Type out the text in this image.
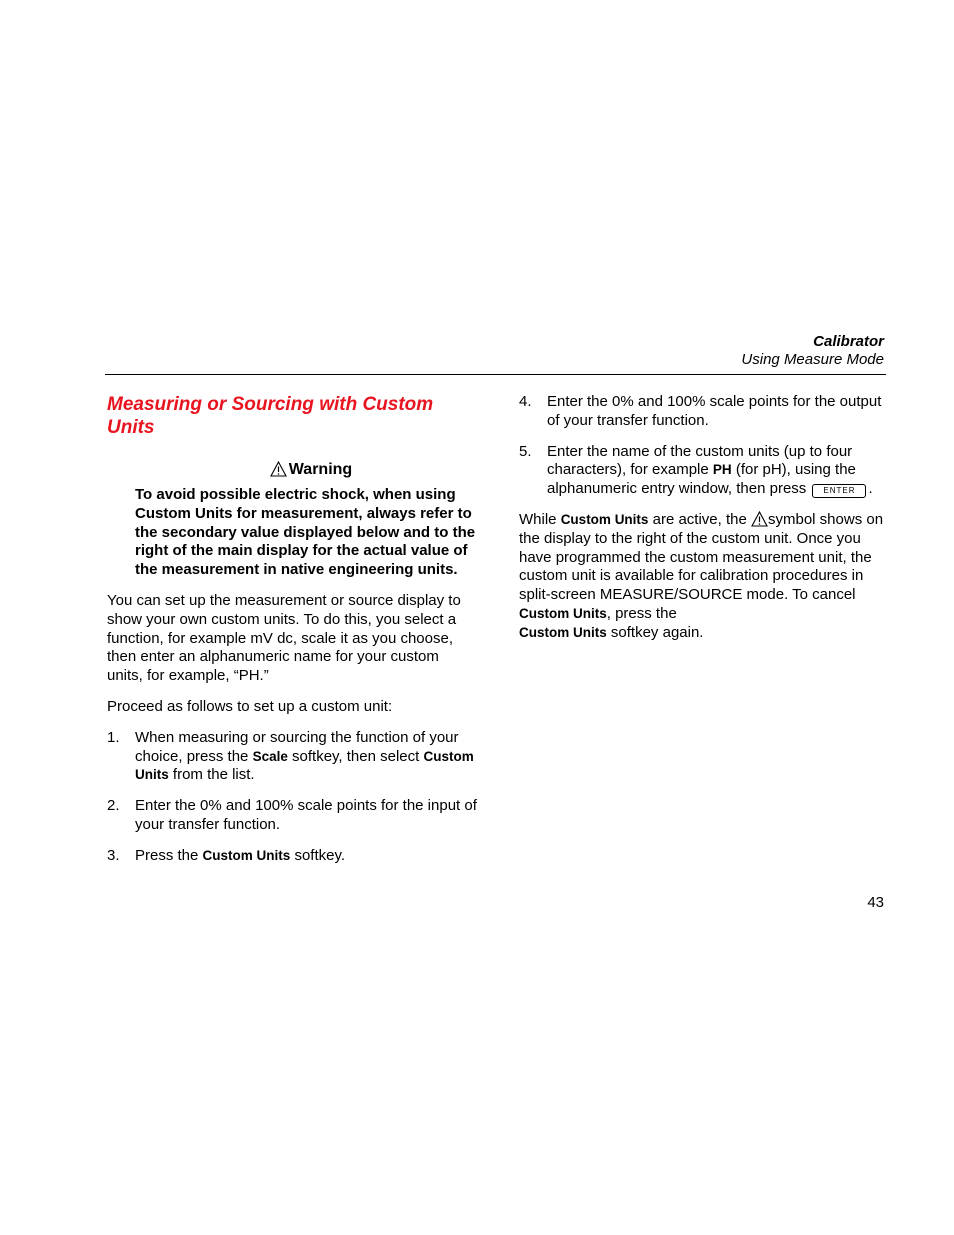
Calibrator
Using Measure Mode
Measuring or Sourcing with Custom Units
Warning

To avoid possible electric shock, when using Custom Units for measurement, always refer to the secondary value displayed below and to the right of the main display for the actual value of the measurement in native engineering units.

You can set up the measurement or source display to show your own custom units. To do this, you select a function, for example mV dc, scale it as you choose, then enter an alphanumeric name for your custom units, for example, “PH.”

Proceed as follows to set up a custom unit:

1. When measuring or sourcing the function of your choice, press the Scale softkey, then select Custom Units from the list.
2. Enter the 0% and 100% scale points for the input of your transfer function.
3. Press the Custom Units softkey.
4. Enter the 0% and 100% scale points for the output of your transfer function.
5. Enter the name of the custom units (up to four characters), for example PH (for pH), using the alphanumeric entry window, then press ENTER .

While Custom Units are active, the symbol shows on the display to the right of the custom unit. Once you have programmed the custom measurement unit, the custom unit is available for calibration procedures in split-screen MEASURE/SOURCE mode. To cancel Custom Units, press the
Custom Units softkey again.

43
